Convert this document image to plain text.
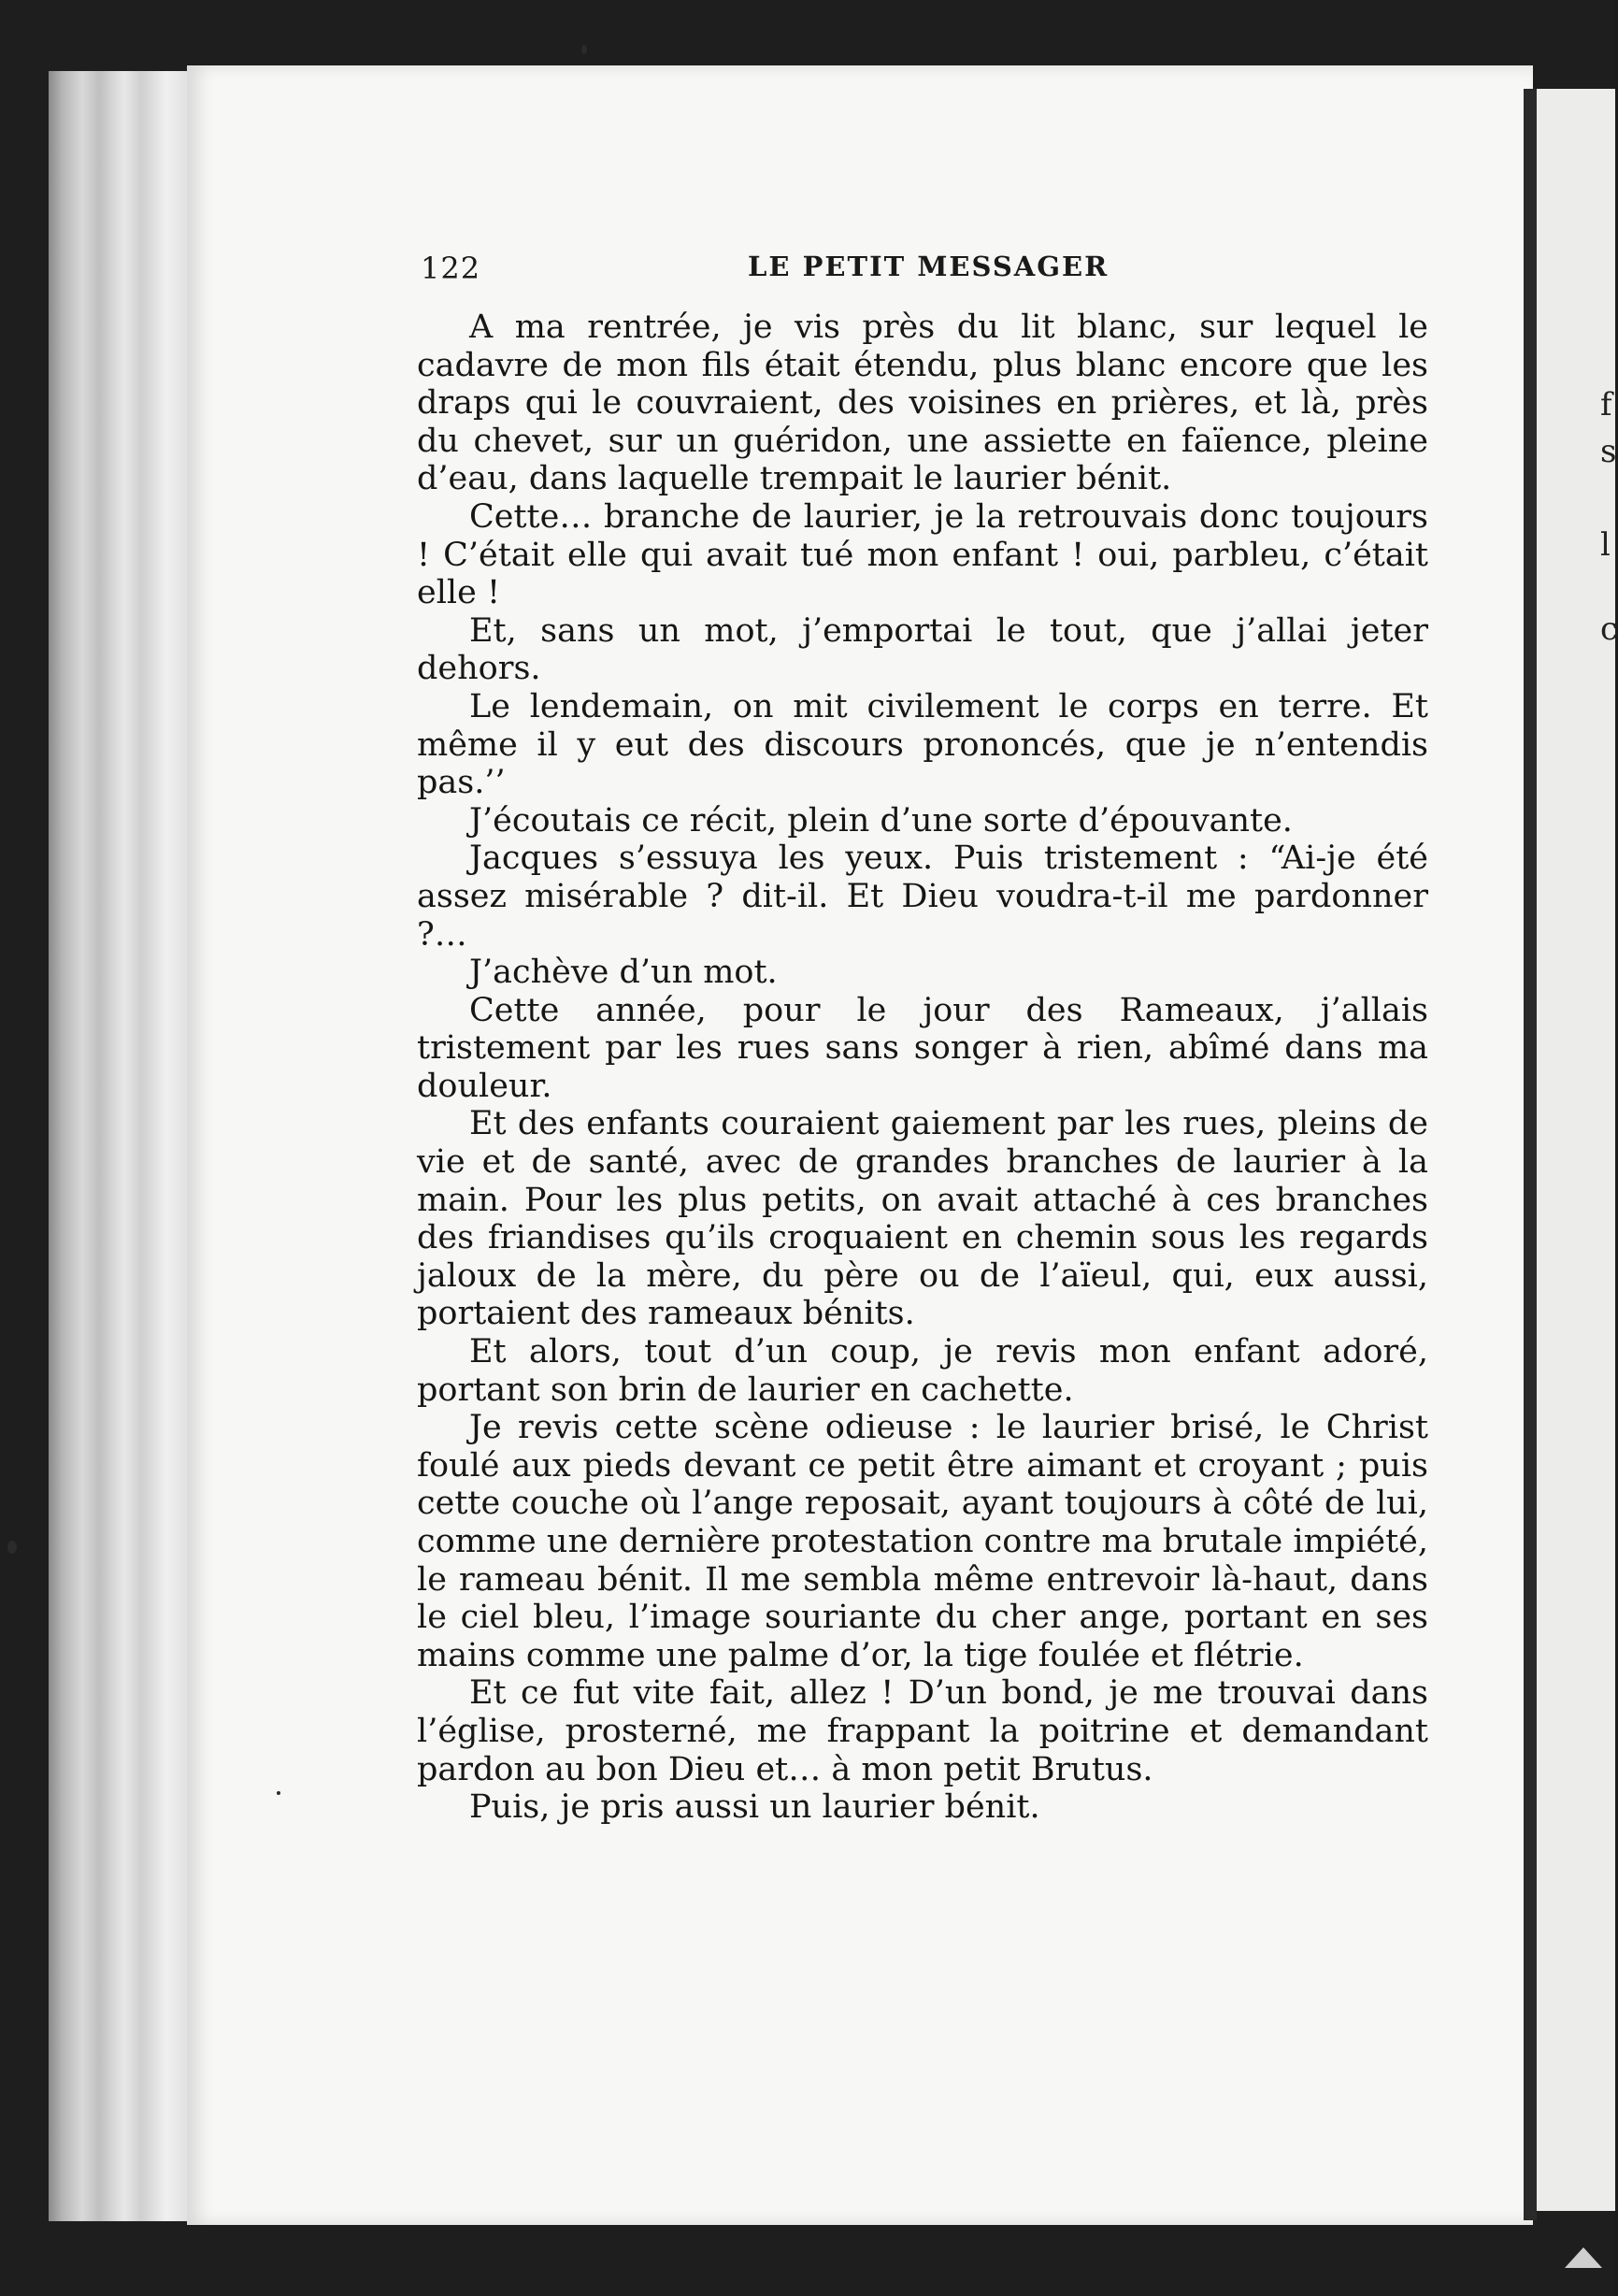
f
s
l
c
122	LE PETIT MESSAGER

A ma rentrée, je vis près du lit blanc, sur lequel le cadavre de mon fils était étendu, plus blanc encore que les draps qui le couvraient, des voisines en prières, et là, près du chevet, sur un guéridon, une assiette en faïence, pleine d’eau, dans laquelle trempait le laurier bénit.

Cette… branche de laurier, je la retrouvais donc toujours ! C’était elle qui avait tué mon enfant ! oui, parbleu, c’était elle !

Et, sans un mot, j’emportai le tout, que j’allai jeter dehors.

Le lendemain, on mit civilement le corps en terre. Et même il y eut des discours prononcés, que je n’entendis pas.’’

J’écoutais ce récit, plein d’une sorte d’épouvante.

Jacques s’essuya les yeux. Puis tristement : “Ai-je été assez misérable ? dit-il. Et Dieu voudra-t-il me pardonner ?…

J’achève d’un mot.

Cette année, pour le jour des Rameaux, j’allais tristement par les rues sans songer à rien, abîmé dans ma douleur.

Et des enfants couraient gaiement par les rues, pleins de vie et de santé, avec de grandes branches de laurier à la main. Pour les plus petits, on avait attaché à ces branches des friandises qu’ils croquaient en chemin sous les regards jaloux de la mère, du père ou de l’aïeul, qui, eux aussi, portaient des rameaux bénits.

Et alors, tout d’un coup, je revis mon enfant adoré, portant son brin de laurier en cachette.

Je revis cette scène odieuse : le laurier brisé, le Christ foulé aux pieds devant ce petit être aimant et croyant ; puis cette couche où l’ange reposait, ayant toujours à côté de lui, comme une dernière protestation contre ma brutale impiété, le rameau bénit. Il me sembla même entrevoir là-haut, dans le ciel bleu, l’image souriante du cher ange, portant en ses mains comme une palme d’or, la tige foulée et flétrie.

Et ce fut vite fait, allez ! D’un bond, je me trouvai dans l’église, prosterné, me frappant la poitrine et demandant pardon au bon Dieu et… à mon petit Brutus.

Puis, je pris aussi un laurier bénit.
